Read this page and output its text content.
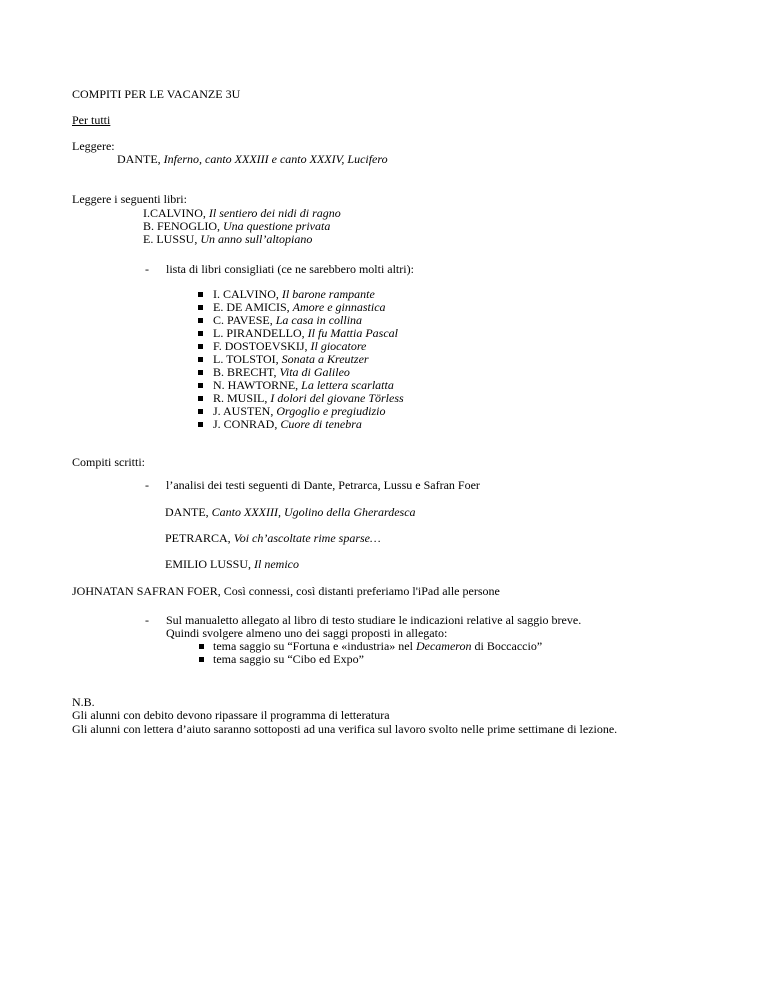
COMPITI PER LE VACANZE 3U
Per tutti
Leggere:
DANTE, Inferno, canto XXXIII e canto XXXIV, Lucifero
Leggere i seguenti libri:
I.CALVINO, Il sentiero dei nidi di ragno
B. FENOGLIO, Una questione privata
E. LUSSU, Un anno sull’altopiano
- lista di libri consigliati (ce ne sarebbero molti altri):
I. CALVINO, Il barone rampante
E. DE AMICIS, Amore e ginnastica
C. PAVESE, La casa in collina
L. PIRANDELLO, Il fu Mattia Pascal
F. DOSTOEVSKIJ, Il giocatore
L. TOLSTOI, Sonata a Kreutzer
B. BRECHT, Vita di Galileo
N. HAWTORNE, La lettera scarlatta
R. MUSIL, I dolori del giovane Törless
J. AUSTEN, Orgoglio e pregiudizio
J. CONRAD, Cuore di tenebra
Compiti scritti:
- l’analisi dei testi seguenti di Dante, Petrarca, Lussu e Safran Foer
DANTE, Canto XXXIII, Ugolino della Gherardesca
PETRARCA, Voi ch’ascoltate rime sparse…
EMILIO LUSSU, Il nemico
JOHNATAN SAFRAN FOER, Così connessi, così distanti preferiamo l'iPad alle persone
- Sul manualetto allegato al libro di testo studiare le indicazioni relative al saggio breve.
Quindi svolgere almeno uno dei saggi proposti in allegato:
tema saggio su “Fortuna e «industria» nel Decameron di Boccaccio”
tema saggio su “Cibo ed Expo”
N.B.
Gli alunni con debito devono ripassare il programma di letteratura
Gli alunni con lettera d’aiuto saranno sottoposti ad una verifica sul lavoro svolto nelle prime settimane di lezione.
